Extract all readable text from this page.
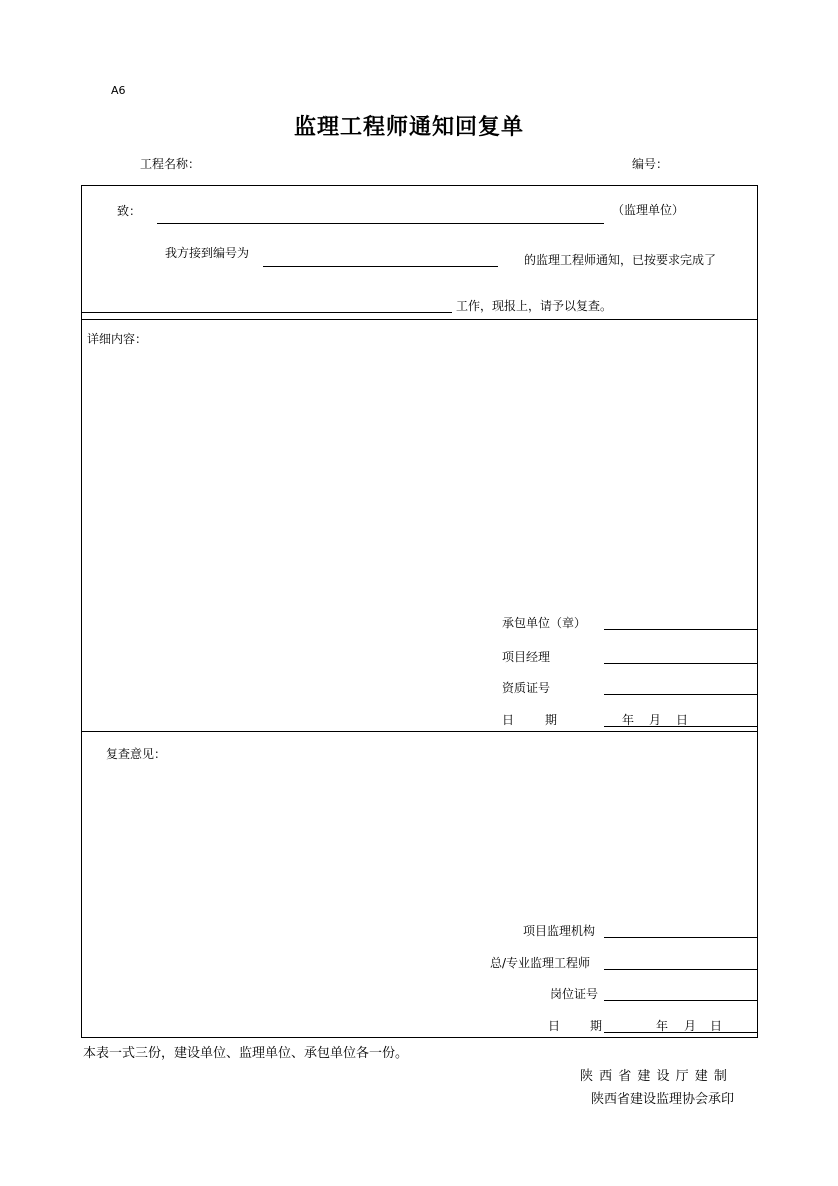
A6
监理工程师通知回复单
工程名称：	编号：
致：	（监理单位）
我方接到编号为	的监理工程师通知，已按要求完成了
工作，现报上，请予以复查。
详细内容：
承包单位（章）
项目经理
资质证号
日	期	年 月 日
复查意见：
项目监理机构
总/专业监理工程师
岗位证号
日 期	年 月 日
本表一式三份，建设单位、监理单位、承包单位各一份。
陕 西 省 建 设 厅 建 制
陕西省建设监理协会承印
